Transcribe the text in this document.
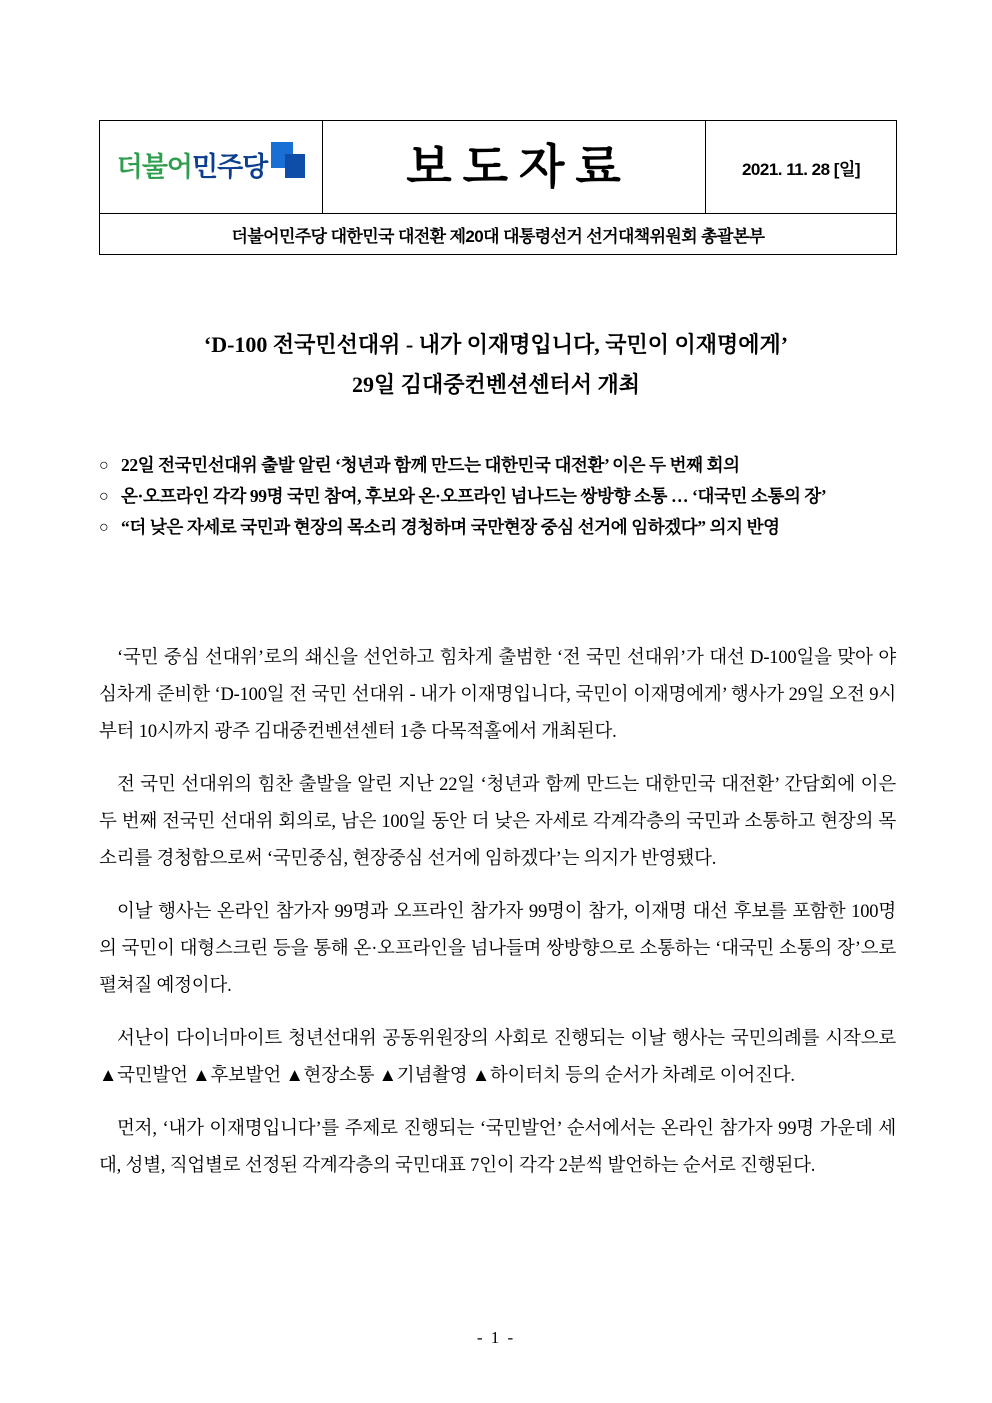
더불어민주당	보도자료	2021. 11. 28 [일]

더불어민주당 대한민국 대전환 제20대 대통령선거 선거대책위원회 총괄본부
‘D-100 전국민선대위 - 내가 이재명입니다, 국민이 이재명에게’
29일 김대중컨벤션센터서 개최
○ 22일 전국민선대위 출발 알린 ‘청년과 함께 만드는 대한민국 대전환’ 이은 두 번째 회의
○ 온·오프라인 각각 99명 국민 참여, 후보와 온·오프라인 넘나드는 쌍방향 소통 … ‘대국민 소통의 장’
○ “더 낮은 자세로 국민과 현장의 목소리 경청하며 국만현장 중심 선거에 임하겠다” 의지 반영

‘국민 중심 선대위’로의 쇄신을 선언하고 힘차게 출범한 ‘전 국민 선대위’가 대선 D-100일을 맞아 야심차게 준비한 ‘D-100일 전 국민 선대위 - 내가 이재명입니다, 국민이 이재명에게’ 행사가 29일 오전 9시부터 10시까지 광주 김대중컨벤션센터 1층 다목적홀에서 개최된다.

전 국민 선대위의 힘찬 출발을 알린 지난 22일 ‘청년과 함께 만드는 대한민국 대전환’ 간담회에 이은 두 번째 전국민 선대위 회의로, 남은 100일 동안 더 낮은 자세로 각계각층의 국민과 소통하고 현장의 목소리를 경청함으로써 ‘국민중심, 현장중심 선거에 임하겠다’는 의지가 반영됐다.

이날 행사는 온라인 참가자 99명과 오프라인 참가자 99명이 참가, 이재명 대선 후보를 포함한 100명의 국민이 대형스크린 등을 통해 온·오프라인을 넘나들며 쌍방향으로 소통하는 ‘대국민 소통의 장’으로 펼쳐질 예정이다.

서난이 다이너마이트 청년선대위 공동위원장의 사회로 진행되는 이날 행사는 국민의례를 시작으로 ▲국민발언 ▲후보발언 ▲현장소통 ▲기념촬영 ▲하이터치 등의 순서가 차례로 이어진다.

먼저, ‘내가 이재명입니다’를 주제로 진행되는 ‘국민발언’ 순서에서는 온라인 참가자 99명 가운데 세대, 성별, 직업별로 선정된 각계각층의 국민대표 7인이 각각 2분씩 발언하는 순서로 진행된다.

- 1 -
